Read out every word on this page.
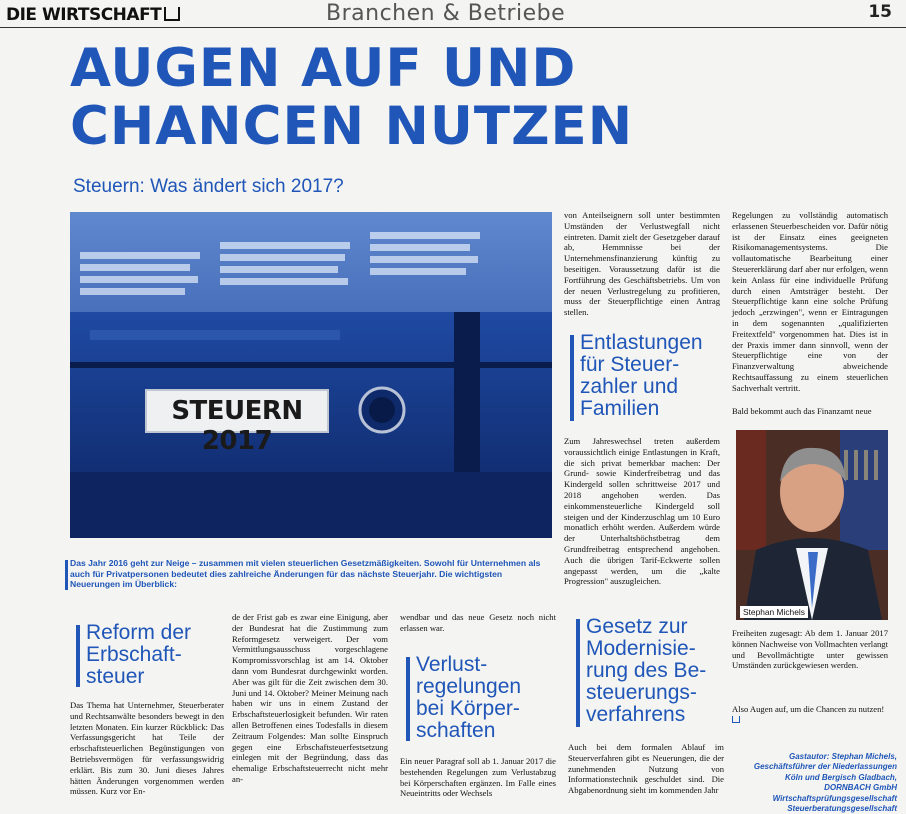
DIE WIRTSCHAFT	Branchen & Betriebe	15
AUGEN AUF UND
CHANCEN NUTZEN
Steuern: Was ändert sich 2017?
STEUERN 2017
Das Jahr 2016 geht zur Neige – zusammen mit vielen steuerlichen Gesetzmäßigkeiten. Sowohl für Unternehmen als auch für Privatpersonen bedeutet dies zahlreiche Änderungen für das nächste Steuerjahr. Die wichtigsten Neuerungen im Überblick:
von Anteilseignern soll unter bestimmten Umständen der Verlustwegfall nicht eintreten. Damit zielt der Gesetzgeber darauf ab, Hemmnisse bei der Unternehmensfinanzierung künftig zu beseitigen. Voraussetzung dafür ist die Fortführung des Geschäftsbetriebs. Um von der neuen Verlustregelung zu profitieren, muss der Steuerpflichtige einen Antrag stellen.
Entlastungen
für Steuer-
zahler und
Familien
Zum Jahreswechsel treten außerdem voraussichtlich einige Entlastungen in Kraft, die sich privat bemerkbar machen: Der Grund- sowie Kinderfreibetrag und das Kindergeld sollen schrittweise 2017 und 2018 angehoben werden. Das einkommensteuerliche Kindergeld soll steigen und der Kinderzuschlag um 10 Euro monatlich erhöht werden. Außerdem würde der Unterhaltshöchstbetrag dem Grundfreibetrag entsprechend angehoben. Auch die übrigen Tarif-Eckwerte sollen angepasst werden, um die „kalte Progression" auszugleichen.
Regelungen zu vollständig automatisch erlassenen Steuerbescheiden vor. Dafür nötig ist der Einsatz eines geeigneten Risikomanagementsystems. Die vollautomatische Bearbeitung einer Steuererklärung darf aber nur erfolgen, wenn kein Anlass für eine individuelle Prüfung durch einen Amtsträger besteht. Der Steuerpflichtige kann eine solche Prüfung jedoch „erzwingen", wenn er Eintragungen in dem sogenannten „qualifizierten Freitextfeld" vorgenommen hat. Dies ist in der Praxis immer dann sinnvoll, wenn der Steuerpflichtige eine von der Finanzverwaltung abweichende Rechtsauffassung zu einem steuerlichen Sachverhalt vertritt.
Bald bekommt auch das Finanzamt neue
Stephan Michels
Freiheiten zugesagt: Ab dem 1. Januar 2017 können Nachweise von Vollmachten verlangt und Bevollmächtigte unter gewissen Umständen zurückgewiesen werden.
Also Augen auf, um die Chancen zu nutzen!
Gastautor: Stephan Michels,
Geschäftsführer der Niederlassungen
Köln und Bergisch Gladbach,
DORNBACH GmbH
Wirtschaftsprüfungsgesellschaft
Steuerberatungsgesellschaft
Reform der
Erbschaft-
steuer
Das Thema hat Unternehmer, Steuerberater und Rechtsanwälte besonders bewegt in den letzten Monaten. Ein kurzer Rückblick: Das Verfassungsgericht hat Teile der erbschaftsteuerlichen Begünstigungen von Betriebsvermögen für verfassungswidrig erklärt. Bis zum 30. Juni dieses Jahres hätten Änderungen vorgenommen werden müssen. Kurz vor En-
de der Frist gab es zwar eine Einigung, aber der Bundesrat hat die Zustimmung zum Reformgesetz verweigert. Der vom Vermittlungsausschuss vorgeschlagene Kompromissvorschlag ist am 14. Oktober dann vom Bundesrat durchgewinkt worden. Aber was gilt für die Zeit zwischen dem 30. Juni und 14. Oktober? Meiner Meinung nach haben wir uns in einem Zustand der Erbschaftsteuerlosigkeit befunden. Wir raten allen Betroffenen eines Todesfalls in diesem Zeitraum Folgendes: Man sollte Einspruch gegen eine Erbschaftsteuerfestsetzung einlegen mit der Begründung, dass das ehemalige Erbschaftsteuerrecht nicht mehr an-
wendbar und das neue Gesetz noch nicht erlassen war.
Verlust-
regelungen
bei Körper-
schaften
Ein neuer Paragraf soll ab 1. Januar 2017 die bestehenden Regelungen zum Verlustabzug bei Körperschaften ergänzen. Im Falle eines Neueintritts oder Wechsels
Gesetz zur
Modernisie-
rung des Be-
steuerungs-
verfahrens
Auch bei dem formalen Ablauf im Steuerverfahren gibt es Neuerungen, die der zunehmenden Nutzung von Informationstechnik geschuldet sind. Die Abgabenordnung sieht im kommenden Jahr
